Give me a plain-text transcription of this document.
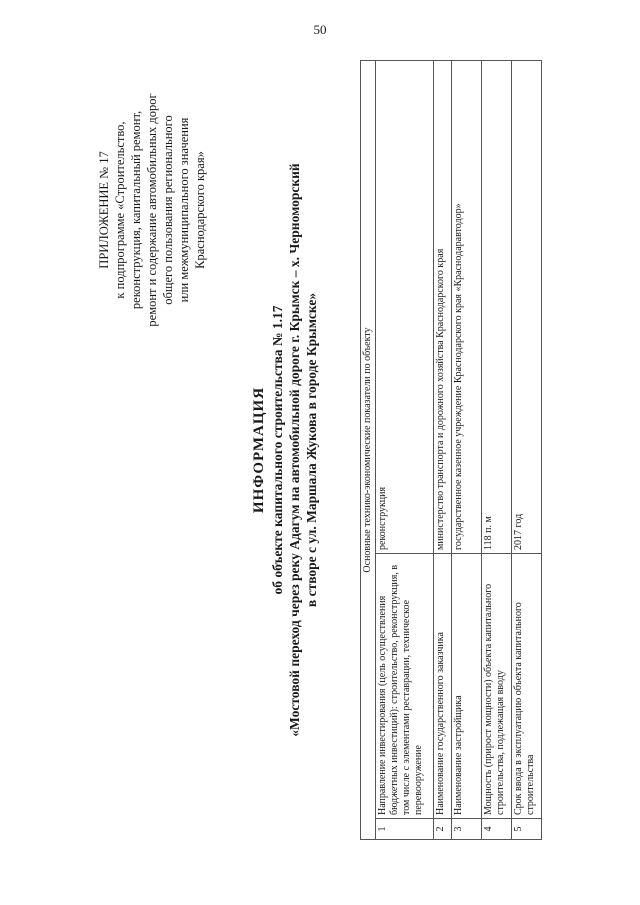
50
ПРИЛОЖЕНИЕ № 17 к подпрограмме «Строительство, реконструкция, капитальный ремонт, ремонт и содержание автомобильных дорог общего пользования регионального или межмуниципального значения Краснодарского края»
ИНФОРМАЦИЯ об объекте капитального строительства № 1.17 «Мостовой переход через реку Адагум на автомобильной дороге г. Крымск – х. Черноморский в створе с ул. Маршала Жукова в городе Крымске»	Основные технико-экономические показатели по объекту		
1	Направление инвестирования (цель осуществления бюджетных инвестиций): строительство, реконструкция, в том числе с элементами реставрации, техническое перевооружение	реконструкция
2	Наименование государственного заказчика	министерство транспорта и дорожного хозяйства Краснодарского края
3	Наименование застройщика	государственное казенное учреждение Краснодарского края «Краснодаравтодор»
4	Мощность (прирост мощности) объекта капитального строительства, подлежащая вводу	118 п. м
5	Срок ввода в эксплуатацию объекта капитального строительства	2017 год
